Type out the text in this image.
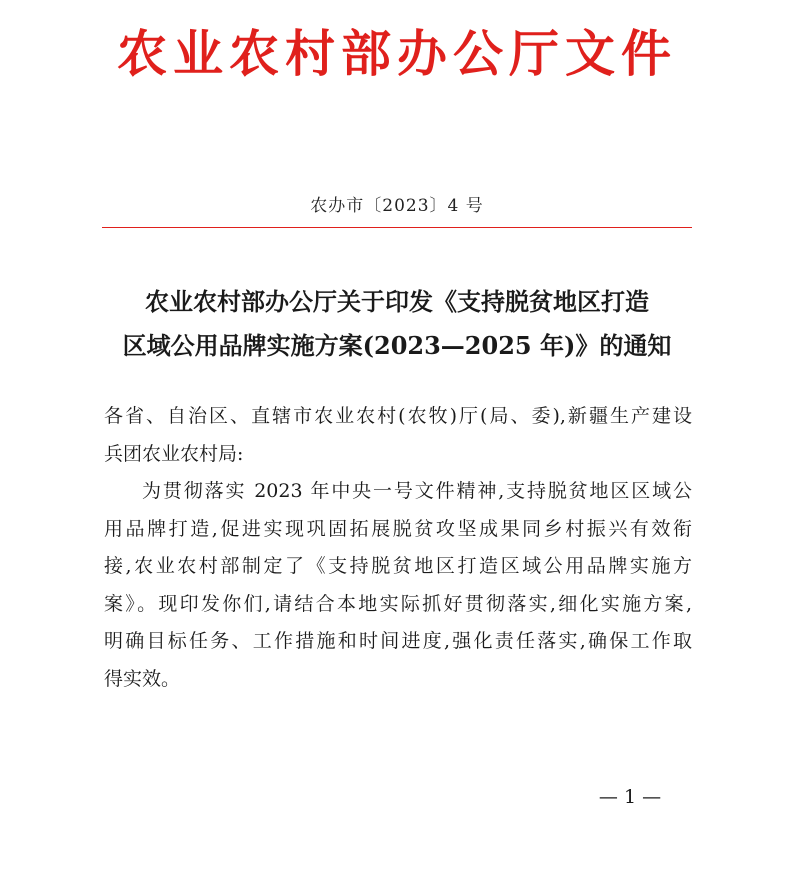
农业农村部办公厅文件
农办市〔2023〕4 号
农业农村部办公厅关于印发《支持脱贫地区打造
区域公用品牌实施方案(2023—2025 年)》的通知
各省、自治区、直辖市农业农村(农牧)厅(局、委),新疆生产建设
兵团农业农村局:
为贯彻落实 2023 年中央一号文件精神,支持脱贫地区区域公
用品牌打造,促进实现巩固拓展脱贫攻坚成果同乡村振兴有效衔
接,农业农村部制定了《支持脱贫地区打造区域公用品牌实施方
案》。现印发你们,请结合本地实际抓好贯彻落实,细化实施方案,
明确目标任务、工作措施和时间进度,强化责任落实,确保工作取
得实效。
— 1 —
